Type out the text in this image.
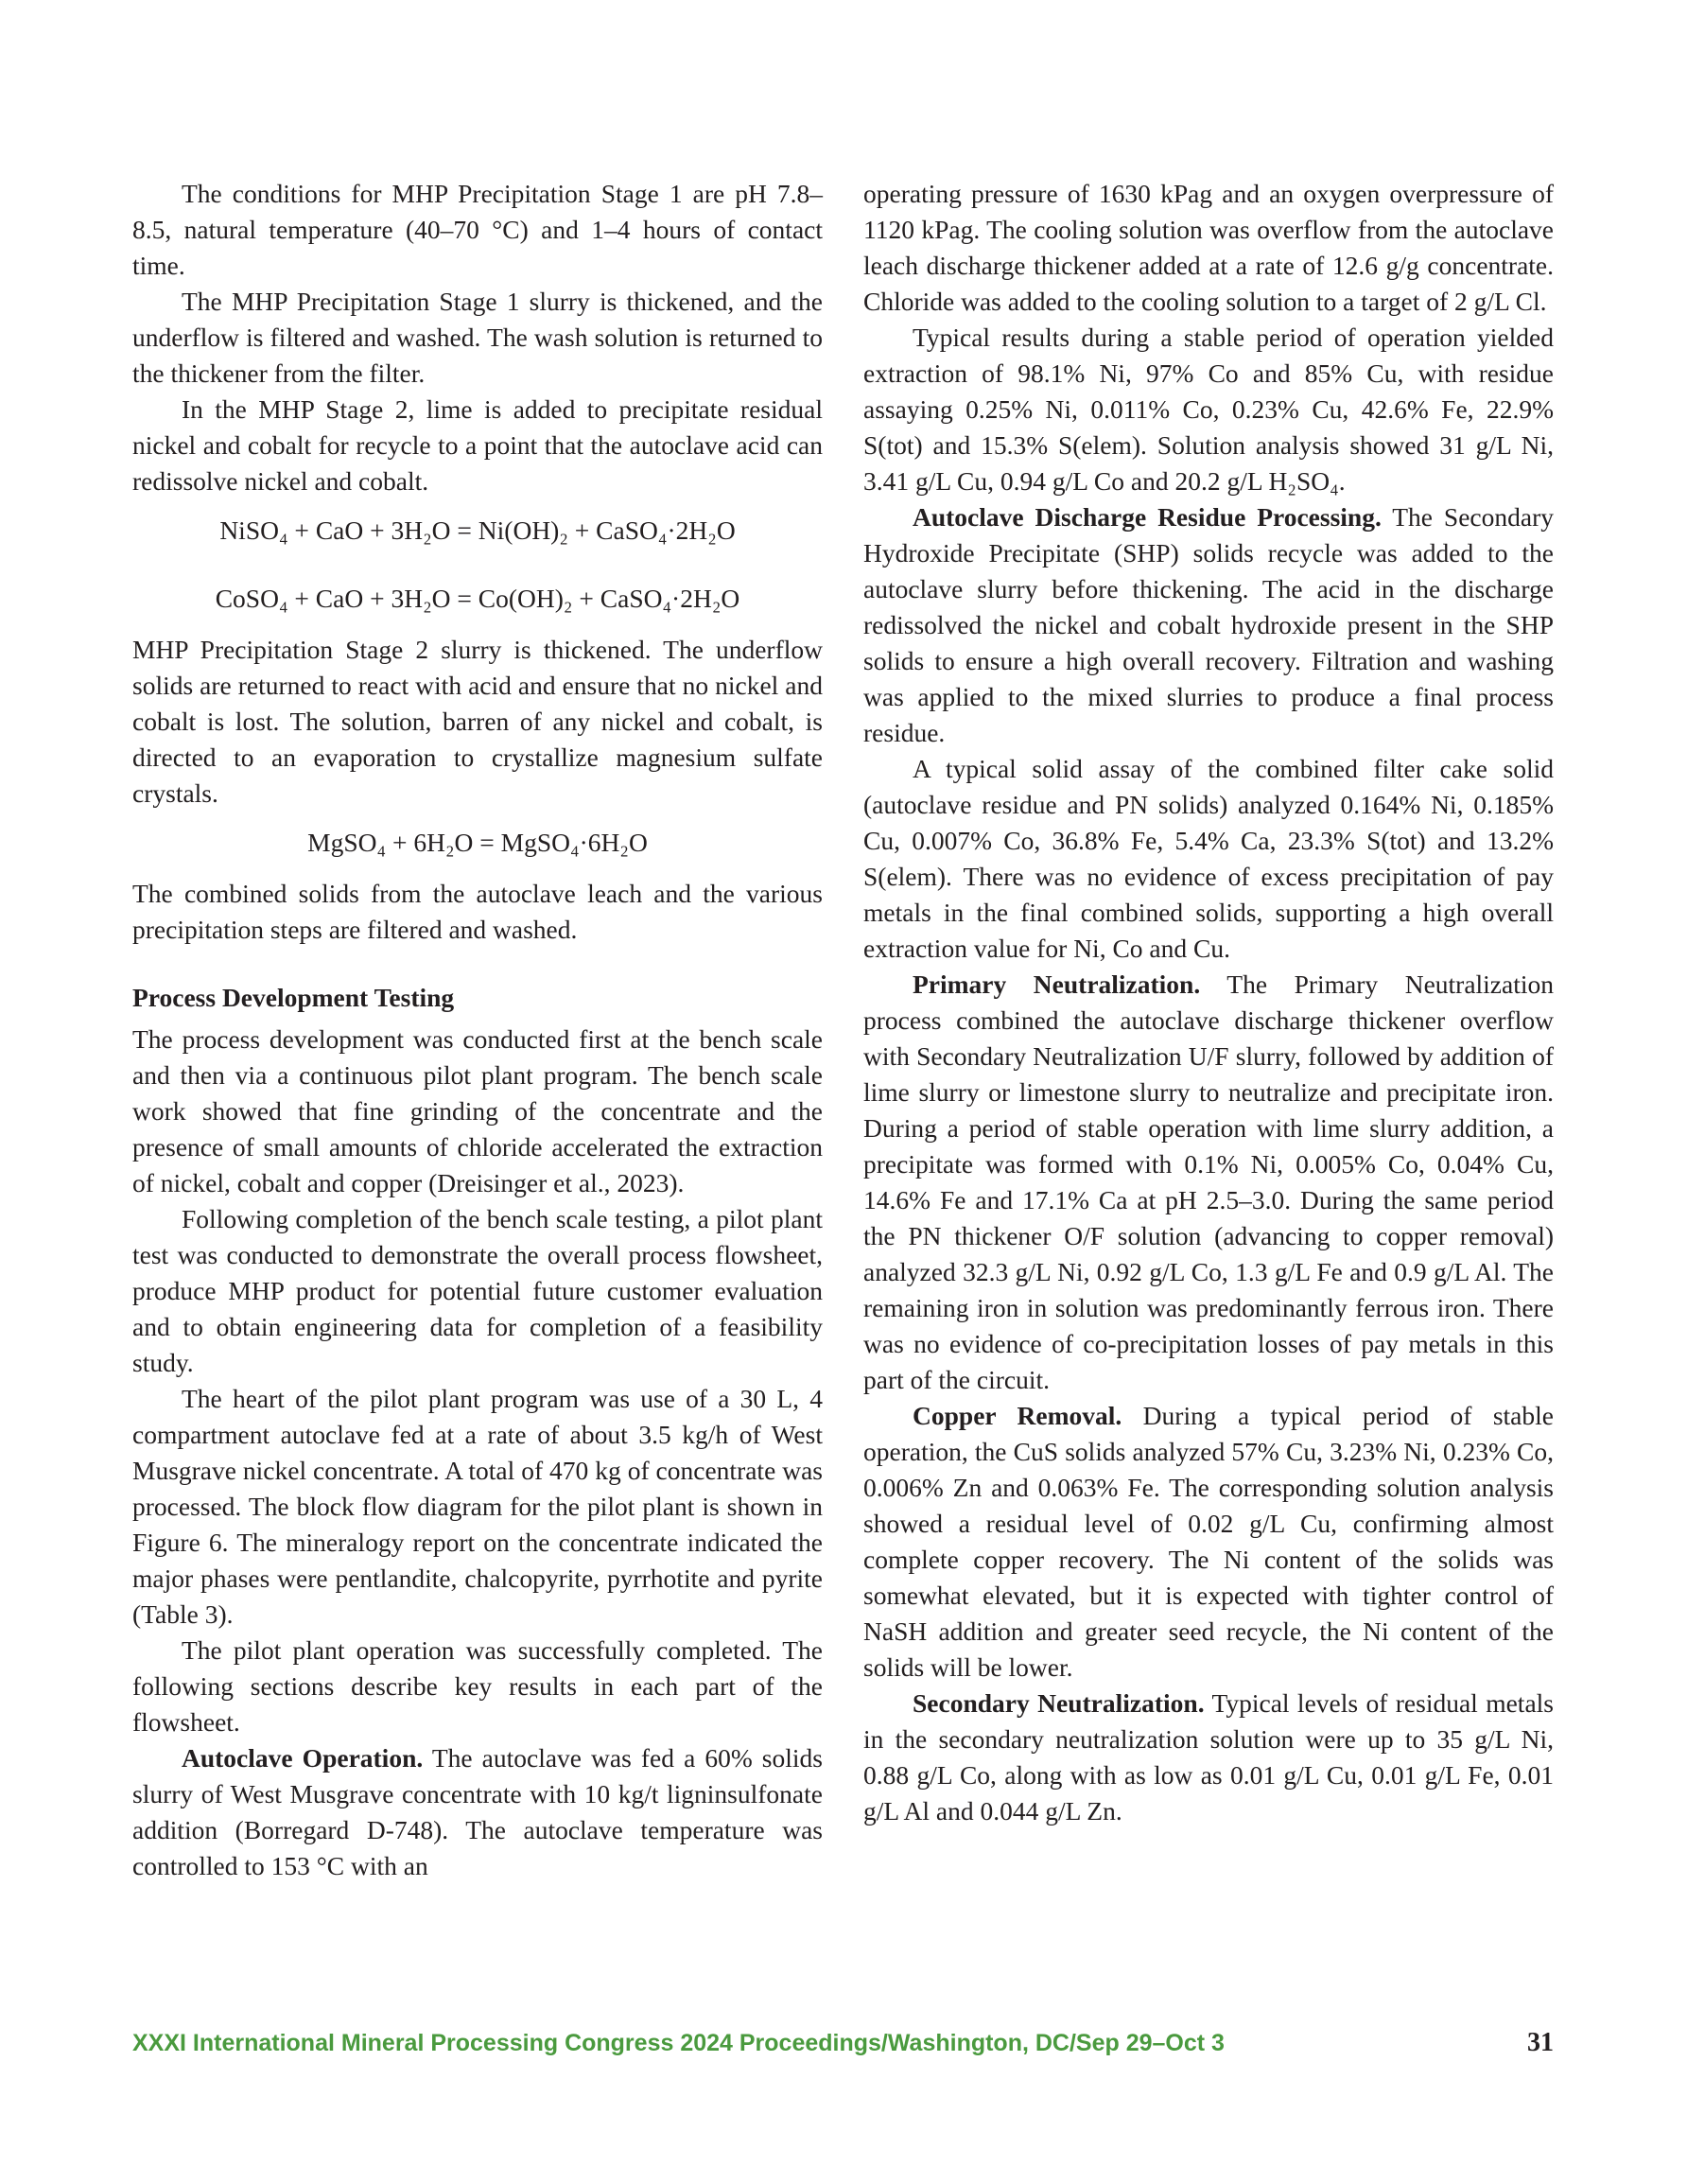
The conditions for MHP Precipitation Stage 1 are pH 7.8–8.5, natural temperature (40–70 °C) and 1–4 hours of contact time.

The MHP Precipitation Stage 1 slurry is thickened, and the underflow is filtered and washed. The wash solution is returned to the thickener from the filter.

In the MHP Stage 2, lime is added to precipitate residual nickel and cobalt for recycle to a point that the autoclave acid can redissolve nickel and cobalt.

NiSO₄ + CaO + 3H₂O = Ni(OH)₂ + CaSO₄·2H₂O
CoSO₄ + CaO + 3H₂O = Co(OH)₂ + CaSO₄·2H₂O

MHP Precipitation Stage 2 slurry is thickened. The underflow solids are returned to react with acid and ensure that no nickel and cobalt is lost. The solution, barren of any nickel and cobalt, is directed to an evaporation to crystallize magnesium sulfate crystals.

MgSO₄ + 6H₂O = MgSO₄·6H₂O

The combined solids from the autoclave leach and the various precipitation steps are filtered and washed.

Process Development Testing

The process development was conducted first at the bench scale and then via a continuous pilot plant program. The bench scale work showed that fine grinding of the concentrate and the presence of small amounts of chloride accelerated the extraction of nickel, cobalt and copper (Dreisinger et al., 2023).

Following completion of the bench scale testing, a pilot plant test was conducted to demonstrate the overall process flowsheet, produce MHP product for potential future customer evaluation and to obtain engineering data for completion of a feasibility study.

The heart of the pilot plant program was use of a 30 L, 4 compartment autoclave fed at a rate of about 3.5 kg/h of West Musgrave nickel concentrate. A total of 470 kg of concentrate was processed. The block flow diagram for the pilot plant is shown in Figure 6. The mineralogy report on the concentrate indicated the major phases were pentlandite, chalcopyrite, pyrrhotite and pyrite (Table 3).

The pilot plant operation was successfully completed. The following sections describe key results in each part of the flowsheet.

Autoclave Operation. The autoclave was fed a 60% solids slurry of West Musgrave concentrate with 10 kg/t ligninsulfonate addition (Borregard D-748). The autoclave temperature was controlled to 153 °C with an

operating pressure of 1630 kPag and an oxygen overpressure of 1120 kPag. The cooling solution was overflow from the autoclave leach discharge thickener added at a rate of 12.6 g/g concentrate. Chloride was added to the cooling solution to a target of 2 g/L Cl.

Typical results during a stable period of operation yielded extraction of 98.1% Ni, 97% Co and 85% Cu, with residue assaying 0.25% Ni, 0.011% Co, 0.23% Cu, 42.6% Fe, 22.9% S(tot) and 15.3% S(elem). Solution analysis showed 31 g/L Ni, 3.41 g/L Cu, 0.94 g/L Co and 20.2 g/L H₂SO₄.

Autoclave Discharge Residue Processing. The Secondary Hydroxide Precipitate (SHP) solids recycle was added to the autoclave slurry before thickening. The acid in the discharge redissolved the nickel and cobalt hydroxide present in the SHP solids to ensure a high overall recovery. Filtration and washing was applied to the mixed slurries to produce a final process residue.

A typical solid assay of the combined filter cake solid (autoclave residue and PN solids) analyzed 0.164% Ni, 0.185% Cu, 0.007% Co, 36.8% Fe, 5.4% Ca, 23.3% S(tot) and 13.2% S(elem). There was no evidence of excess precipitation of pay metals in the final combined solids, supporting a high overall extraction value for Ni, Co and Cu.

Primary Neutralization. The Primary Neutralization process combined the autoclave discharge thickener overflow with Secondary Neutralization U/F slurry, followed by addition of lime slurry or limestone slurry to neutralize and precipitate iron. During a period of stable operation with lime slurry addition, a precipitate was formed with 0.1% Ni, 0.005% Co, 0.04% Cu, 14.6% Fe and 17.1% Ca at pH 2.5–3.0. During the same period the PN thickener O/F solution (advancing to copper removal) analyzed 32.3 g/L Ni, 0.92 g/L Co, 1.3 g/L Fe and 0.9 g/L Al. The remaining iron in solution was predominantly ferrous iron. There was no evidence of co-precipitation losses of pay metals in this part of the circuit.

Copper Removal. During a typical period of stable operation, the CuS solids analyzed 57% Cu, 3.23% Ni, 0.23% Co, 0.006% Zn and 0.063% Fe. The corresponding solution analysis showed a residual level of 0.02 g/L Cu, confirming almost complete copper recovery. The Ni content of the solids was somewhat elevated, but it is expected with tighter control of NaSH addition and greater seed recycle, the Ni content of the solids will be lower.

Secondary Neutralization. Typical levels of residual metals in the secondary neutralization solution were up to 35 g/L Ni, 0.88 g/L Co, along with as low as 0.01 g/L Cu, 0.01 g/L Fe, 0.01 g/L Al and 0.044 g/L Zn.

XXXI International Mineral Processing Congress 2024 Proceedings/Washington, DC/Sep 29–Oct 3	31
